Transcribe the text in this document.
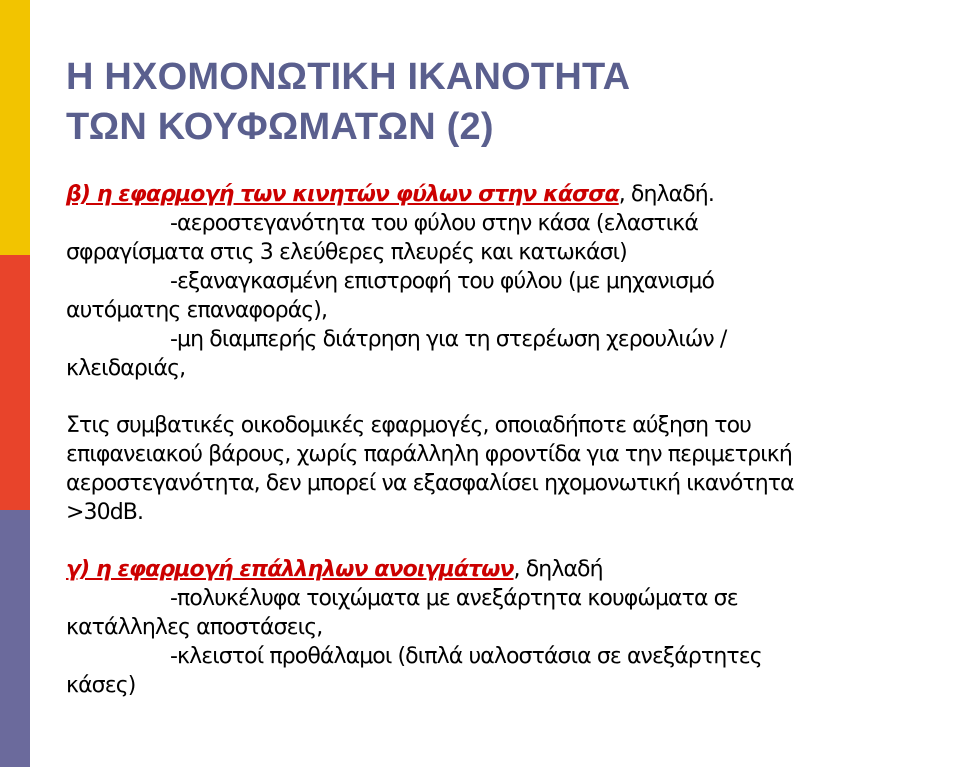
Η ΗΧΟΜΟΝΩΤΙΚΗ ΙΚΑΝΟΤΗΤΑ
ΤΩΝ ΚΟΥΦΩΜΑΤΩΝ (2)
β) η εφαρμογή των κινητών φύλων στην κάσσα, δηλαδή.
-αεροστεγανότητα του φύλου στην κάσα (ελαστικά
σφραγίσματα στις 3 ελεύθερες πλευρές και κατωκάσι)
-εξαναγκασμένη επιστροφή του φύλου (με μηχανισμό
αυτόματης επαναφοράς),
-μη διαμπερής διάτρηση για τη στερέωση χερουλιών /
κλειδαριάς,
Στις συμβατικές οικοδομικές εφαρμογές, οποιαδήποτε αύξηση του
επιφανειακού βάρους, χωρίς παράλληλη φροντίδα για την περιμετρική
αεροστεγανότητα, δεν μπορεί να εξασφαλίσει ηχομονωτική ικανότητα
>30dB.
γ) η εφαρμογή επάλληλων ανοιγμάτων, δηλαδή
-πολυκέλυφα τοιχώματα με ανεξάρτητα κουφώματα σε
κατάλληλες αποστάσεις,
-κλειστοί προθάλαμοι (διπλά υαλοστάσια σε ανεξάρτητες
κάσες)
